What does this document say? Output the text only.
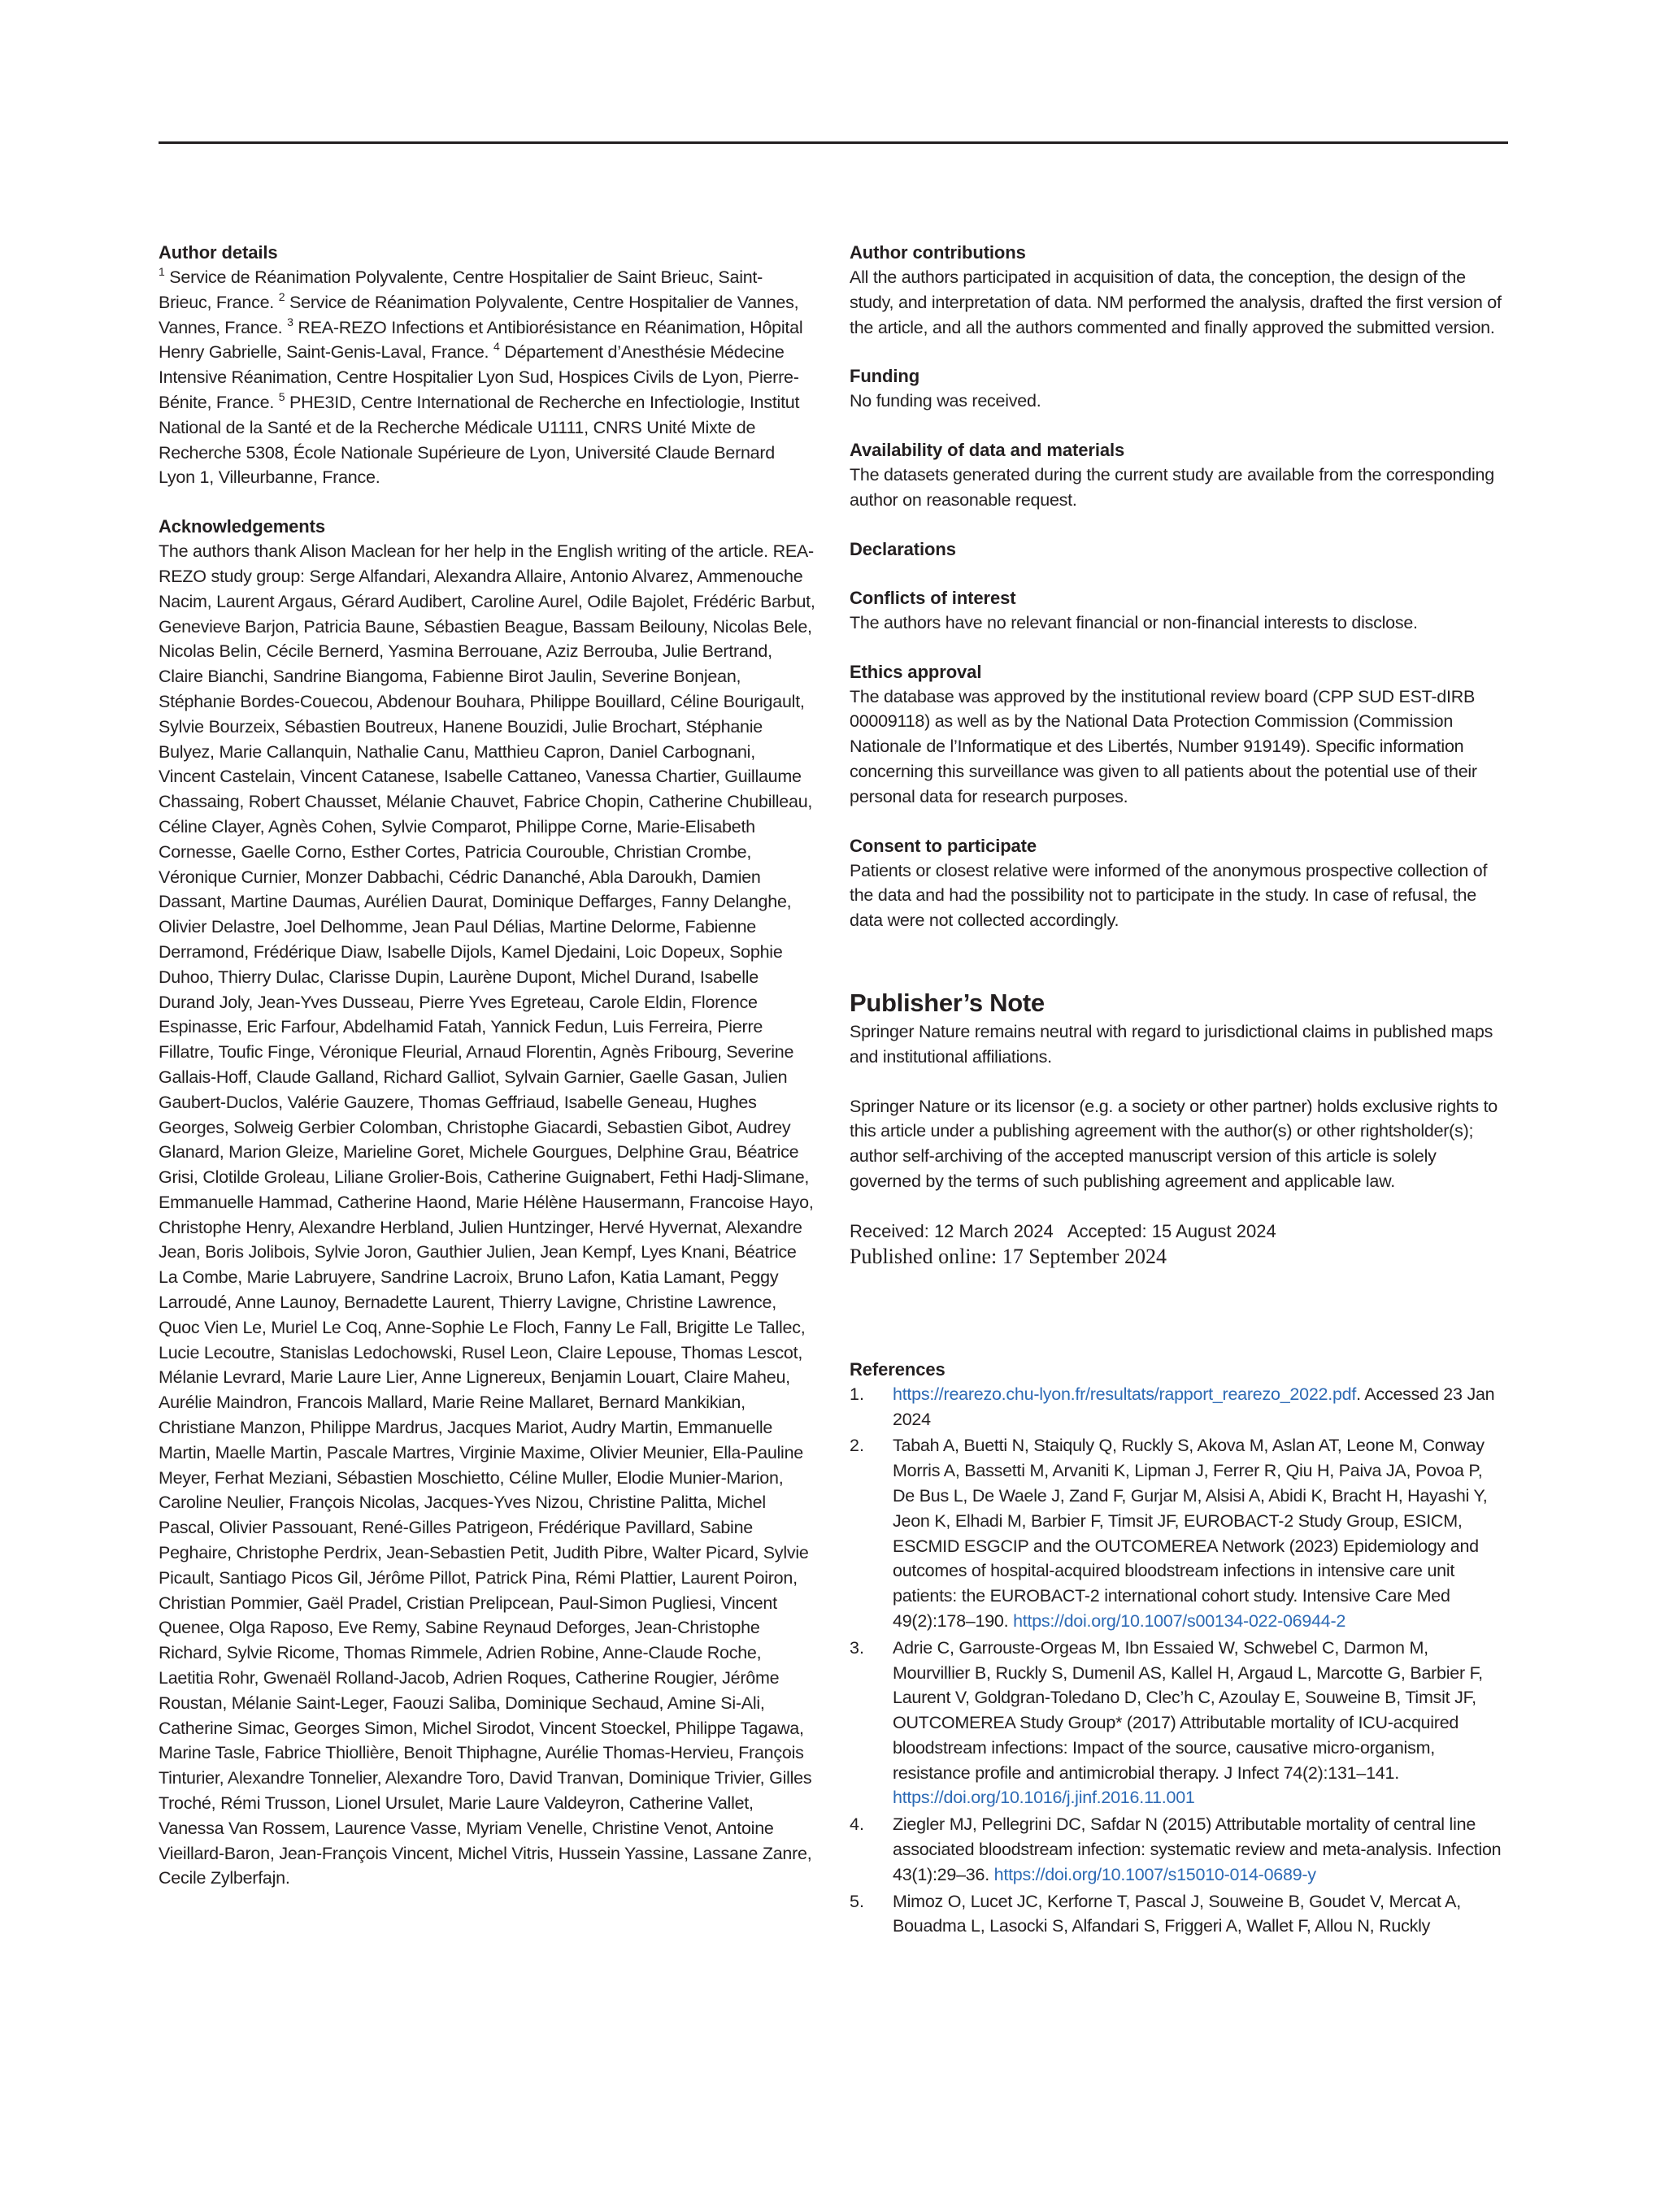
Author details

$^1$ Service de Réanimation Polyvalente, Centre Hospitalier de Saint Brieuc, Saint-Brieuc, France. $^2$ Service de Réanimation Polyvalente, Centre Hospitalier de Vannes, Vannes, France. $^3$ REA-REZO Infections et Antibiorésistance en Réanimation, Hôpital Henry Gabrielle, Saint-Genis-Laval, France. $^4$ Département d’Anesthésie Médecine Intensive Réanimation, Centre Hospitalier Lyon Sud, Hospices Civils de Lyon, Pierre-Bénite, France. $^5$ PHE3ID, Centre International de Recherche en Infectiologie, Institut National de la Santé et de la Recherche Médicale U1111, CNRS Unité Mixte de Recherche 5308, École Nationale Supérieure de Lyon, Université Claude Bernard Lyon 1, Villeurbanne, France.

Acknowledgements

The authors thank Alison Maclean for her help in the English writing of the article. REA-REZO study group: Serge Alfandari, Alexandra Allaire, Antonio Alvarez, Ammenouche Nacim, Laurent Argaus, Gérard Audibert, Caroline Aurel, Odile Bajolet, Frédéric Barbut, Genevieve Barjon, Patricia Baune, Sébastien Beague, Bassam Beilouny, Nicolas Bele, Nicolas Belin, Cécile Bernerd, Yasmina Berrouane, Aziz Berrouba, Julie Bertrand, Claire Bianchi, Sandrine Biangoma, Fabienne Birot Jaulin, Severine Bonjean, Stéphanie Bordes-Couecou, Abdenour Bouhara, Philippe Bouillard, Céline Bourigault, Sylvie Bourzeix, Sébastien Boutreux, Hanene Bouzidi, Julie Brochart, Stéphanie Bulyez, Marie Callanquin, Nathalie Canu, Matthieu Capron, Daniel Carbognani, Vincent Castelain, Vincent Catanese, Isabelle Cattaneo, Vanessa Chartier, Guillaume Chassaing, Robert Chausset, Mélanie Chauvet, Fabrice Chopin, Catherine Chubilleau, Céline Clayer, Agnès Cohen, Sylvie Comparot, Philippe Corne, Marie-Elisabeth Cornesse, Gaelle Corno, Esther Cortes, Patricia Courouble, Christian Crombe, Véronique Curnier, Monzer Dabbachi, Cédric Dananché, Abla Daroukh, Damien Dassant, Martine Daumas, Aurélien Daurat, Dominique Deffarges, Fanny Delanghe, Olivier Delastre, Joel Delhomme, Jean Paul Délias, Martine Delorme, Fabienne Derramond, Frédérique Diaw, Isabelle Dijols, Kamel Djedaini, Loic Dopeux, Sophie Duhoo, Thierry Dulac, Clarisse Dupin, Laurène Dupont, Michel Durand, Isabelle Durand Joly, Jean-Yves Dusseau, Pierre Yves Egreteau, Carole Eldin, Florence Espinasse, Eric Farfour, Abdelhamid Fatah, Yannick Fedun, Luis Ferreira, Pierre Fillatre, Toufic Finge, Véronique Fleurial, Arnaud Florentin, Agnès Fribourg, Severine Gallais-Hoff, Claude Galland, Richard Galliot, Sylvain Garnier, Gaelle Gasan, Julien Gaubert-Duclos, Valérie Gauzere, Thomas Geffriaud, Isabelle Geneau, Hughes Georges, Solweig Gerbier Colomban, Christophe Giacardi, Sebastien Gibot, Audrey Glanard, Marion Gleize, Marieline Goret, Michele Gourgues, Delphine Grau, Béatrice Grisi, Clotilde Groleau, Liliane Grolier-Bois, Catherine Guignabert, Fethi Hadj-Slimane, Emmanuelle Hammad, Catherine Haond, Marie Hélène Hausermann, Francoise Hayo, Christophe Henry, Alexandre Herbland, Julien Huntzinger, Hervé Hyvernat, Alexandre Jean, Boris Jolibois, Sylvie Joron, Gauthier Julien, Jean Kempf, Lyes Knani, Béatrice La Combe, Marie Labruyere, Sandrine Lacroix, Bruno Lafon, Katia Lamant, Peggy Larroudé, Anne Launoy, Bernadette Laurent, Thierry Lavigne, Christine Lawrence, Quoc Vien Le, Muriel Le Coq, Anne-Sophie Le Floch, Fanny Le Fall, Brigitte Le Tallec, Lucie Lecoutre, Stanislas Ledochowski, Rusel Leon, Claire Lepouse, Thomas Lescot, Mélanie Levrard, Marie Laure Lier, Anne Lignereux, Benjamin Louart, Claire Maheu, Aurélie Maindron, Francois Mallard, Marie Reine Mallaret, Bernard Mankikian, Christiane Manzon, Philippe Mardrus, Jacques Mariot, Audry Martin, Emmanuelle Martin, Maelle Martin, Pascale Martres, Virginie Maxime, Olivier Meunier, Ella-Pauline Meyer, Ferhat Meziani, Sébastien Moschietto, Céline Muller, Elodie Munier-Marion, Caroline Neulier, François Nicolas, Jacques-Yves Nizou, Christine Palitta, Michel Pascal, Olivier Passouant, René-Gilles Patrigeon, Frédérique Pavillard, Sabine Peghaire, Christophe Perdrix, Jean-Sebastien Petit, Judith Pibre, Walter Picard, Sylvie Picault, Santiago Picos Gil, Jérôme Pillot, Patrick Pina, Rémi Plattier, Laurent Poiron, Christian Pommier, Gaël Pradel, Cristian Prelipcean, Paul-Simon Pugliesi, Vincent Quenee, Olga Raposo, Eve Remy, Sabine Reynaud Deforges, Jean-Christophe Richard, Sylvie Ricome, Thomas Rimmele, Adrien Robine, Anne-Claude Roche, Laetitia Rohr, Gwenaël Rolland-Jacob, Adrien Roques, Catherine Rougier, Jérôme Roustan, Mélanie Saint-Leger, Faouzi Saliba, Dominique Sechaud, Amine Si-Ali, Catherine Simac, Georges Simon, Michel Sirodot, Vincent Stoeckel, Philippe Tagawa, Marine Tasle, Fabrice Thiollière, Benoit Thiphagne, Aurélie Thomas-Hervieu, François Tinturier, Alexandre Tonnelier, Alexandre Toro, David Tranvan, Dominique Trivier, Gilles Troché, Rémi Trusson, Lionel Ursulet, Marie Laure Valdeyron, Catherine Vallet, Vanessa Van Rossem, Laurence Vasse, Myriam Venelle, Christine Venot, Antoine Vieillard-Baron, Jean-François Vincent, Michel Vitris, Hussein Yassine, Lassane Zanre, Cecile Zylberfajn.

Author contributions

All the authors participated in acquisition of data, the conception, the design of the study, and interpretation of data. NM performed the analysis, drafted the first version of the article, and all the authors commented and finally approved the submitted version.

Funding

No funding was received.

Availability of data and materials

The datasets generated during the current study are available from the corresponding author on reasonable request.

Declarations
Conflicts of interest

The authors have no relevant financial or non-financial interests to disclose.

Ethics approval

The database was approved by the institutional review board (CPP SUD EST-dIRB 00009118) as well as by the National Data Protection Commission (Commission Nationale de l’Informatique et des Libertés, Number 919149). Specific information concerning this surveillance was given to all patients about the potential use of their personal data for research purposes.

Consent to participate

Patients or closest relative were informed of the anonymous prospective collection of the data and had the possibility not to participate in the study. In case of refusal, the data were not collected accordingly.

Publisher’s Note

Springer Nature remains neutral with regard to jurisdictional claims in published maps and institutional affiliations.

Springer Nature or its licensor (e.g. a society or other partner) holds exclusive rights to this article under a publishing agreement with the author(s) or other rightsholder(s); author self-archiving of the accepted manuscript version of this article is solely governed by the terms of such publishing agreement and applicable law.

Received: 12 March 2024   Accepted: 15 August 2024
Published online: 17 September 2024
References
1. https://rearezo.chu-lyon.fr/resultats/rapport_rearezo_2022.pdf. Accessed 23 Jan 2024

2. Tabah A, Buetti N, Staiquly Q, Ruckly S, Akova M, Aslan AT, Leone M, Conway Morris A, Bassetti M, Arvaniti K, Lipman J, Ferrer R, Qiu H, Paiva JA, Povoa P, De Bus L, De Waele J, Zand F, Gurjar M, Alsisi A, Abidi K, Bracht H, Hayashi Y, Jeon K, Elhadi M, Barbier F, Timsit JF, EUROBACT-2 Study Group, ESICM, ESCMID ESGCIP and the OUTCOMEREA Network (2023) Epidemiology and outcomes of hospital-acquired bloodstream infections in intensive care unit patients: the EUROBACT-2 international cohort study. Intensive Care Med 49(2):178–190. https://doi.org/10.1007/s00134-022-06944-2

3. Adrie C, Garrouste-Orgeas M, Ibn Essaied W, Schwebel C, Darmon M, Mourvillier B, Ruckly S, Dumenil AS, Kallel H, Argaud L, Marcotte G, Barbier F, Laurent V, Goldgran-Toledano D, Clec’h C, Azoulay E, Souweine B, Timsit JF, OUTCOMEREA Study Group* (2017) Attributable mortality of ICU-acquired bloodstream infections: Impact of the source, causative micro-organism, resistance profile and antimicrobial therapy. J Infect 74(2):131–141. https://doi.org/10.1016/j.jinf.2016.11.001

4. Ziegler MJ, Pellegrini DC, Safdar N (2015) Attributable mortality of central line associated bloodstream infection: systematic review and meta-analysis. Infection 43(1):29–36. https://doi.org/10.1007/s15010-014-0689-y

5. Mimoz O, Lucet JC, Kerforne T, Pascal J, Souweine B, Goudet V, Mercat A, Bouadma L, Lasocki S, Alfandari S, Friggeri A, Wallet F, Allou N, Ruckly
